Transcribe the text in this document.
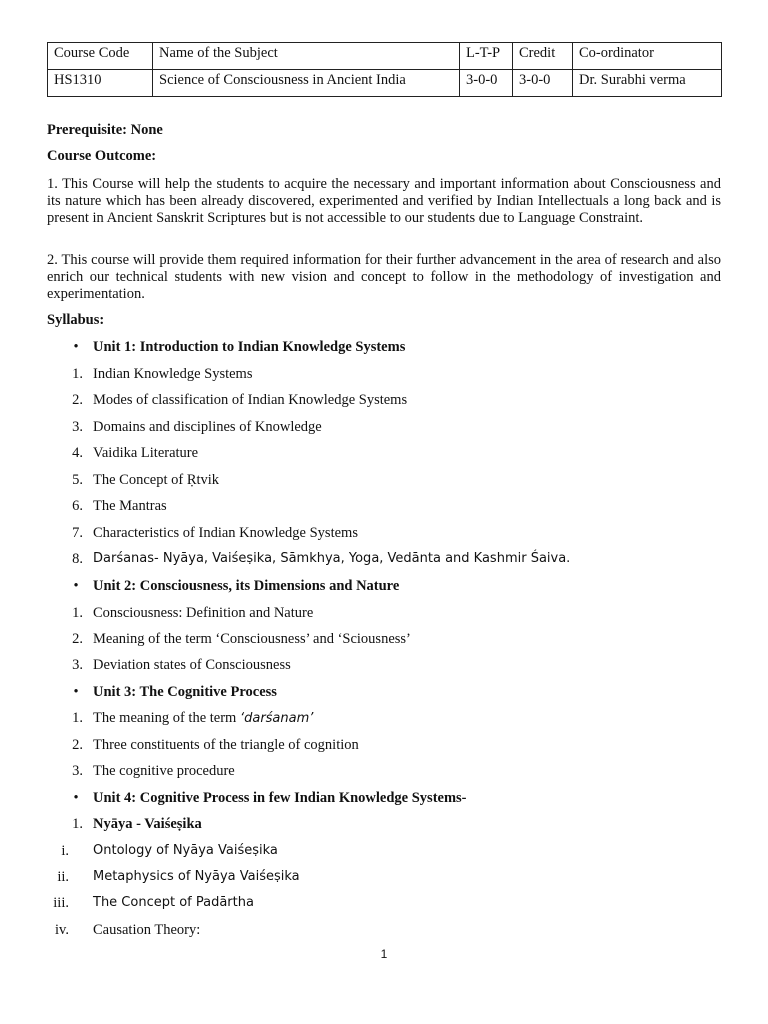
Course Code	Name of the Subject	L-T-P	Credit	Co-ordinator
HS1310	Science of Consciousness in Ancient India	3-0-0	3-0-0	Dr. Surabhi verma
Prerequisite: None
Course Outcome:
1. This Course will help the students to acquire the necessary and important information about Consciousness and its nature which has been already discovered, experimented and verified by Indian Intellectuals a long back and is present in Ancient Sanskrit Scriptures but is not accessible to our students due to Language Constraint.
2. This course will provide them required information for their further advancement in the area of research and also enrich our technical students with new vision and concept to follow in the methodology of investigation and experimentation.
Syllabus:
• Unit 1: Introduction to Indian Knowledge Systems
1. Indian Knowledge Systems
2. Modes of classification of Indian Knowledge Systems
3. Domains and disciplines of Knowledge
4. Vaidika Literature
5. The Concept of Ṛtvik
6. The Mantras
7. Characteristics of Indian Knowledge Systems
8. Darśanas- Nyāya, Vaiśeṣika, Sāmkhya, Yoga, Vedānta and Kashmir Śaiva.
• Unit 2: Consciousness, its Dimensions and Nature
1. Consciousness: Definition and Nature
2. Meaning of the term ‘Consciousness’ and ‘Sciousness’
3. Deviation states of Consciousness
• Unit 3: The Cognitive Process
1. The meaning of the term ‘darśanam’
2. Three constituents of the triangle of cognition
3. The cognitive procedure
• Unit 4: Cognitive Process in few Indian Knowledge Systems-
1. Nyāya - Vaiśeṣika
i. Ontology of Nyāya Vaiśeṣika
ii. Metaphysics of Nyāya Vaiśeṣika
iii. The Concept of Padārtha
iv. Causation Theory:
1
